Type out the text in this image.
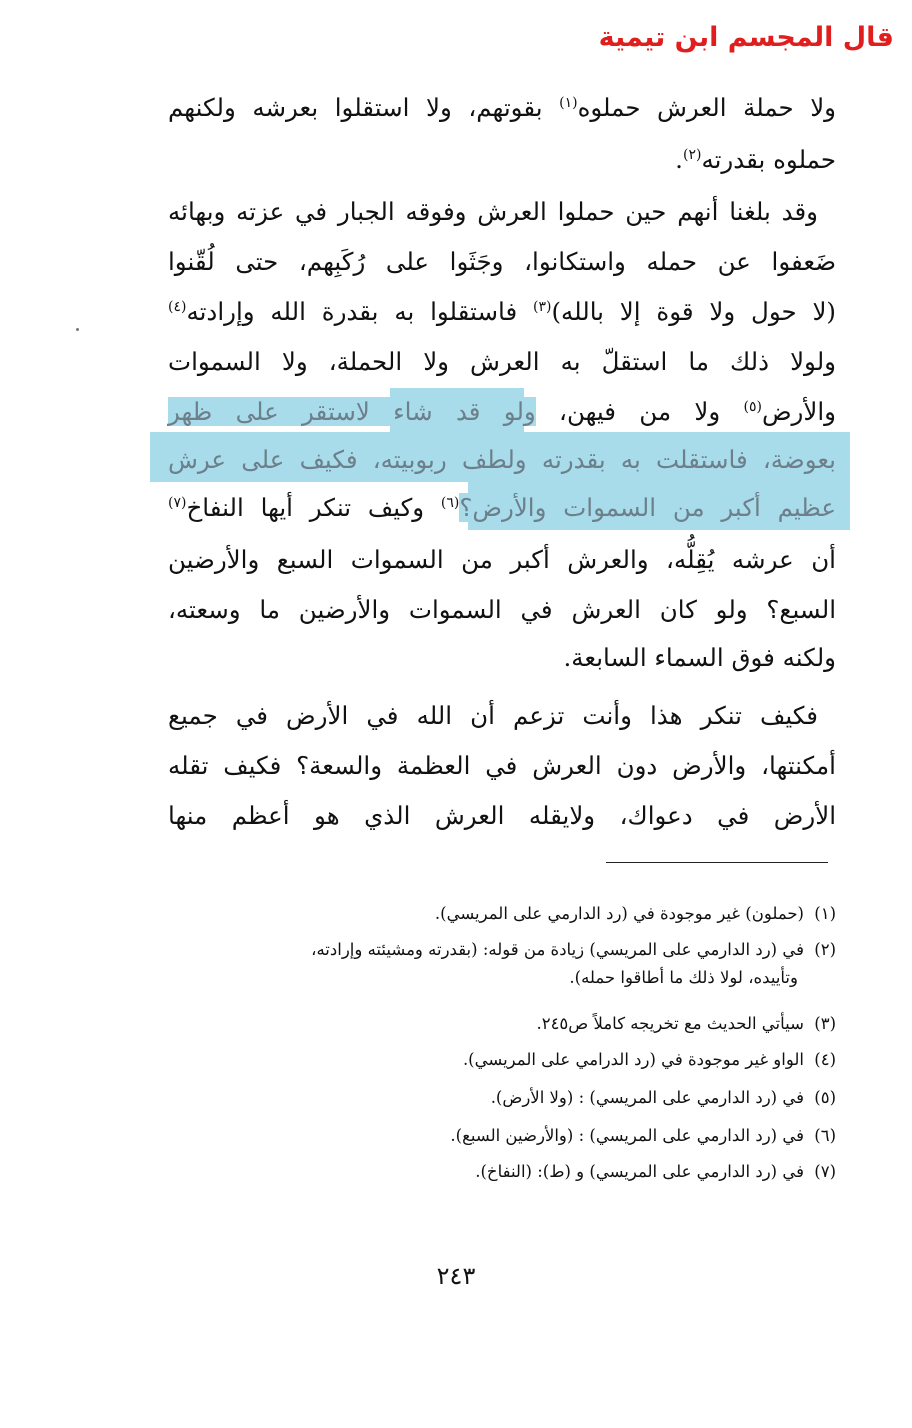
قال المجسم ابن تيمية
ولا حملة العرش حملوه$^{(١)}$ بقوتهم، ولا استقلوا بعرشه ولكنهم
حملوه بقدرته$^{(٢)}$.
وقد بلغنا أنهم حين حملوا العرش وفوقه الجبار في عزته وبهائه
ضَعفوا عن حمله واستكانوا، وجَثَوا على رُكَبِهم، حتى لُقّنوا
(لا حول ولا قوة إلا بالله)$^{(٣)}$ فاستقلوا به بقدرة الله وإرادته$^{(٤)}$
ولولا ذلك ما استقلّ به العرش ولا الحملة، ولا السموات
والأرض$^{(٥)}$ ولا من فيهن، ولو قد شاء لاستقر على ظهر
بعوضة، فاستقلت به بقدرته ولطف ربوبيته، فكيف على عرش
عظيم أكبر من السموات والأرض؟$^{(٦)}$ وكيف تنكر أيها النفاخ$^{(٧)}$
أن عرشه يُقِلُّه، والعرش أكبر من السموات السبع والأرضين
السبع؟ ولو كان العرش في السموات والأرضين ما وسعته،
ولكنه فوق السماء السابعة.
فكيف تنكر هذا وأنت تزعم أن الله في الأرض في جميع
أمكنتها، والأرض دون العرش في العظمة والسعة؟ فكيف تقله
الأرض في دعواك، ولايقله العرش الذي هو أعظم منها
(١)(حملون) غير موجودة في (رد الدارمي على المريسي).
(٢)في (رد الدارمي على المريسي) زيادة من قوله: (بقدرته ومشيئته وإرادته،
وتأييده، لولا ذلك ما أطاقوا حمله).
(٣)سيأتي الحديث مع تخريجه كاملاً ص٢٤٥.
(٤)الواو غير موجودة في (رد الدرامي على المريسي).
(٥)في (رد الدارمي على المريسي) : (ولا الأرض).
(٦)في (رد الدارمي على المريسي) : (والأرضين السبع).
(٧)في (رد الدارمي على المريسي) و (ط): (النفاخ).
٢٤٣
